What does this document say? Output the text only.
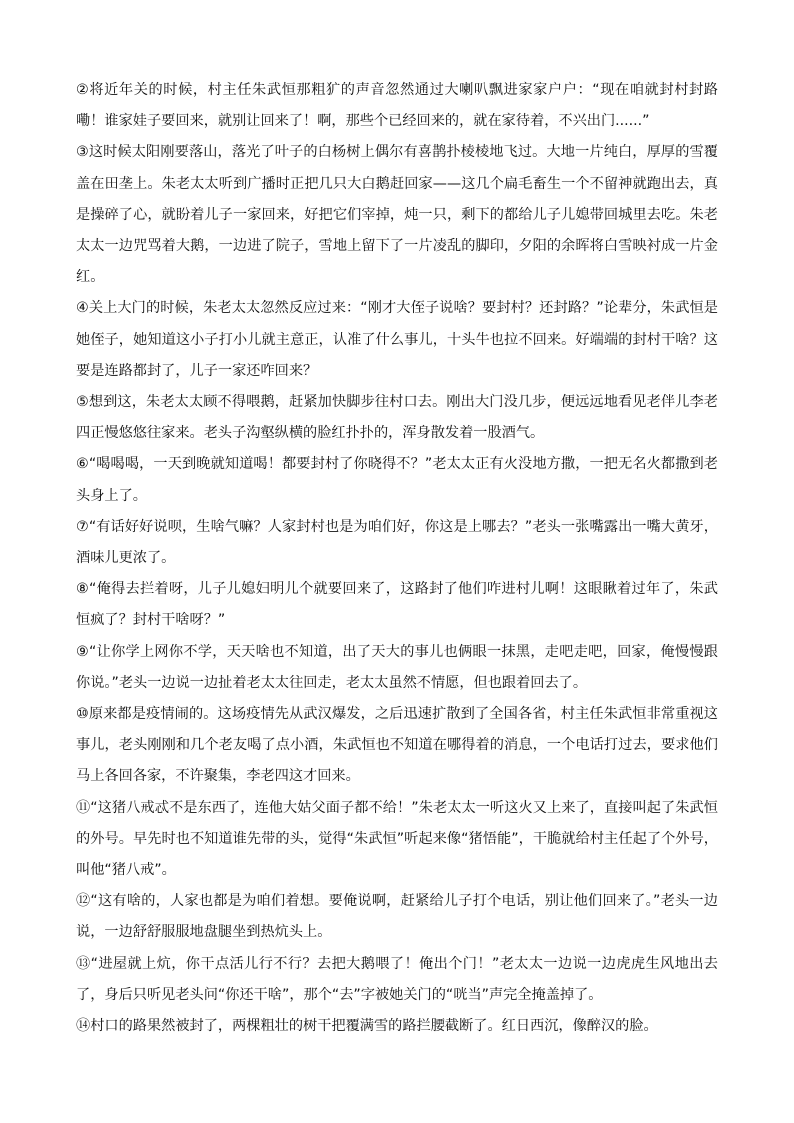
②将近年关的时候，村主任朱武恒那粗犷的声音忽然通过大喇叭飘进家家户户：“现在咱就封村封路嘞！谁家娃子要回来，就别让回来了！啊，那些个已经回来的，就在家待着，不兴出门......”

③这时候太阳刚要落山，落光了叶子的白杨树上偶尔有喜鹊扑棱棱地飞过。大地一片纯白，厚厚的雪覆盖在田垄上。朱老太太听到广播时正把几只大白鹅赶回家——这几个扁毛畜生一个不留神就跑出去，真是操碎了心，就盼着儿子一家回来，好把它们宰掉，炖一只，剩下的都给儿子儿媳带回城里去吃。朱老太太一边咒骂着大鹅，一边进了院子，雪地上留下了一片凌乱的脚印，夕阳的余晖将白雪映衬成一片金红。

④关上大门的时候，朱老太太忽然反应过来：“刚才大侄子说啥？要封村？还封路？”论辈分，朱武恒是她侄子，她知道这小子打小儿就主意正，认准了什么事儿，十头牛也拉不回来。好端端的封村干啥？这要是连路都封了，儿子一家还咋回来？

⑤想到这，朱老太太顾不得喂鹅，赶紧加快脚步往村口去。刚出大门没几步，便远远地看见老伴儿李老四正慢悠悠往家来。老头子沟壑纵横的脸红扑扑的，浑身散发着一股酒气。

⑥“喝喝喝，一天到晚就知道喝！都要封村了你晓得不？”老太太正有火没地方撒，一把无名火都撒到老头身上了。

⑦“有话好好说呗，生啥气嘛？人家封村也是为咱们好，你这是上哪去？”老头一张嘴露出一嘴大黄牙，酒味儿更浓了。

⑧“俺得去拦着呀，儿子儿媳妇明儿个就要回来了，这路封了他们咋进村儿啊！这眼瞅着过年了，朱武恒疯了？封村干啥呀？”

⑨“让你学上网你不学，天天啥也不知道，出了天大的事儿也俩眼一抹黑，走吧走吧，回家，俺慢慢跟你说。”老头一边说一边扯着老太太往回走，老太太虽然不情愿，但也跟着回去了。

⑩原来都是疫情闹的。这场疫情先从武汉爆发，之后迅速扩散到了全国各省，村主任朱武恒非常重视这事儿，老头刚刚和几个老友喝了点小酒，朱武恒也不知道在哪得着的消息，一个电话打过去，要求他们马上各回各家，不许聚集，李老四这才回来。

⑪“这猪八戒忒不是东西了，连他大姑父面子都不给！”朱老太太一听这火又上来了，直接叫起了朱武恒的外号。早先时也不知道谁先带的头，觉得“朱武恒”听起来像“猪悟能”，干脆就给村主任起了个外号，叫他“猪八戒”。

⑫“这有啥的，人家也都是为咱们着想。要俺说啊，赶紧给儿子打个电话，别让他们回来了。”老头一边说，一边舒舒服服地盘腿坐到热炕头上。

⑬“进屋就上炕，你干点活儿行不行？去把大鹅喂了！俺出个门！”老太太一边说一边虎虎生风地出去了，身后只听见老头问“你还干啥”，那个“去”字被她关门的“咣当”声完全掩盖掉了。

⑭村口的路果然被封了，两棵粗壮的树干把覆满雪的路拦腰截断了。红日西沉，像醉汉的脸。
